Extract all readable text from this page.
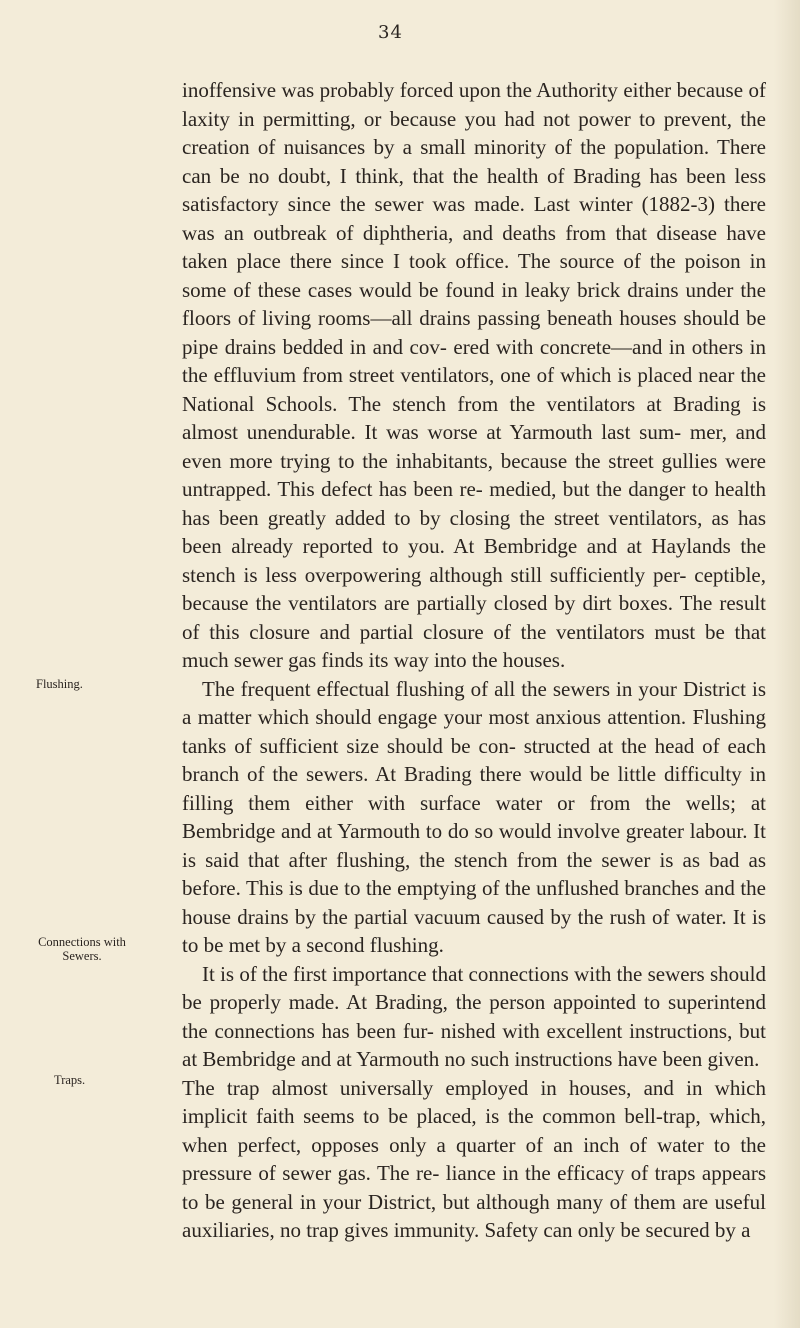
34
Flushing.
Connections with Sewers.
Traps.

inoffensive was probably forced upon the Authority either because of laxity in permitting, or because you had not power to prevent, the creation of nuisances by a small minority of the population. There can be no doubt, I think, that the health of Brading has been less satisfactory since the sewer was made. Last winter (1882-3) there was an outbreak of diphtheria, and deaths from that disease have taken place there since I took office. The source of the poison in some of these cases would be found in leaky brick drains under the floors of living rooms—all drains passing beneath houses should be pipe drains bedded in and cov- ered with concrete—and in others in the effluvium from street ventilators, one of which is placed near the National Schools. The stench from the ventilators at Brading is almost unendurable. It was worse at Yarmouth last sum- mer, and even more trying to the inhabitants, because the street gullies were untrapped. This defect has been re- medied, but the danger to health has been greatly added to by closing the street ventilators, as has been already reported to you. At Bembridge and at Haylands the stench is less overpowering although still sufficiently per- ceptible, because the ventilators are partially closed by dirt boxes. The result of this closure and partial closure of the ventilators must be that much sewer gas finds its way into the houses.

The frequent effectual flushing of all the sewers in your District is a matter which should engage your most anxious attention. Flushing tanks of sufficient size should be con- structed at the head of each branch of the sewers. At Brading there would be little difficulty in filling them either with surface water or from the wells; at Bembridge and at Yarmouth to do so would involve greater labour. It is said that after flushing, the stench from the sewer is as bad as before. This is due to the emptying of the unflushed branches and the house drains by the partial vacuum caused by the rush of water. It is to be met by a second flushing.

It is of the first importance that connections with the sewers should be properly made. At Brading, the person appointed to superintend the connections has been fur- nished with excellent instructions, but at Bembridge and at Yarmouth no such instructions have been given.

The trap almost universally employed in houses, and in which implicit faith seems to be placed, is the common bell-trap, which, when perfect, opposes only a quarter of an inch of water to the pressure of sewer gas. The re- liance in the efficacy of traps appears to be general in your District, but although many of them are useful auxiliaries, no trap gives immunity. Safety can only be secured by a
